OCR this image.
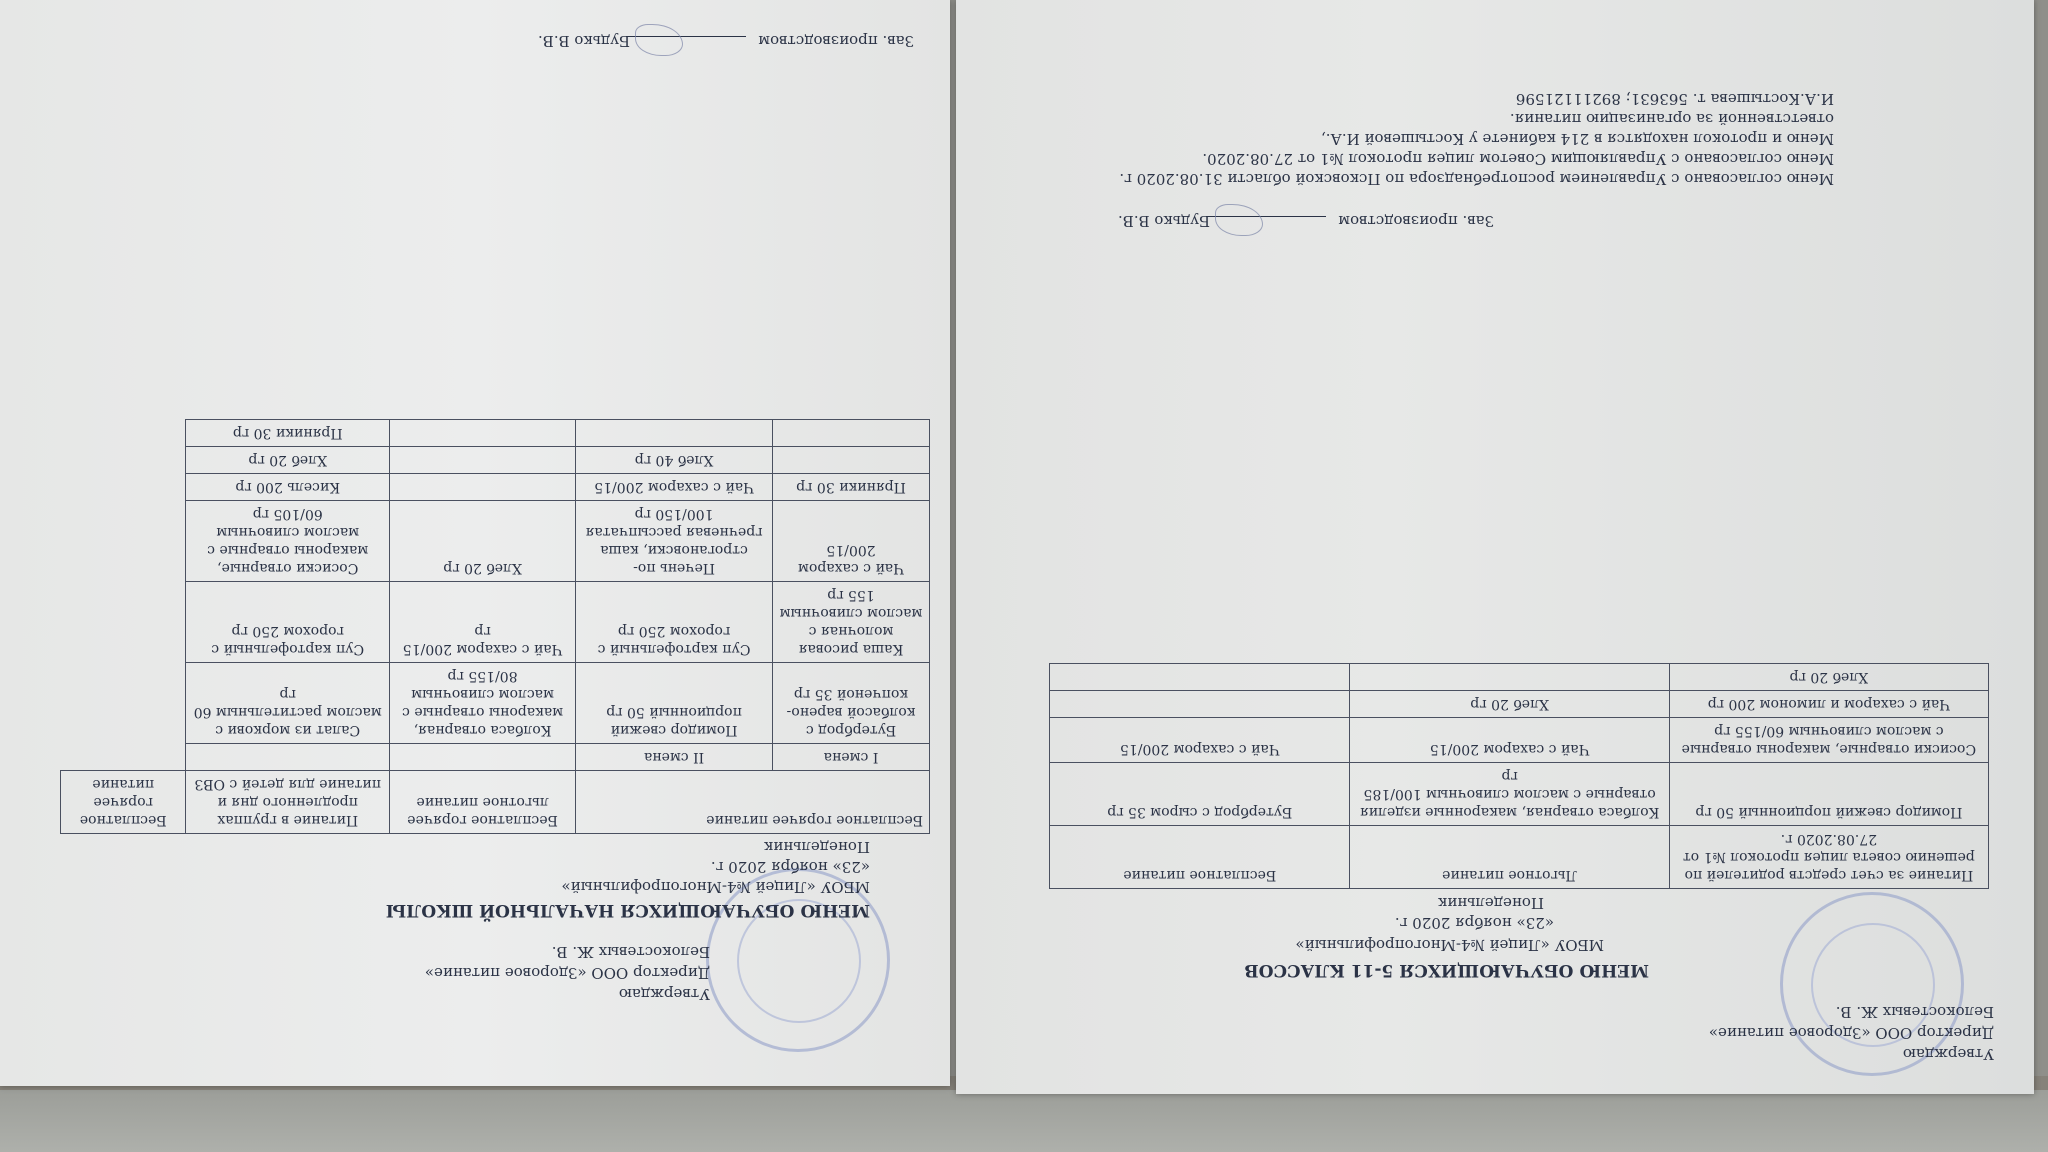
Утверждаю
Директор ООО «Здоровое питание»
Белокостевых Ж. В.
МЕНЮ ОБУЧАЮЩИХСЯ 5-11 КЛАССОВ
МБОУ «Лицей №4-Многопрофильный»
«23» ноября 2020 г.
Понедельник
Питание за счет средств родителей по решению совета лицея протокол №1 от 27.08.2020 г.	Льготное питание	Бесплатное питание
Помидор свежий порционный 50 гр	Колбаса отварная, макаронные изделия отварные с маслом сливочным 100/185 гр	Бутерброд с сыром 35 гр
Сосиски отварные, макароны отварные с маслом сливочным 60/155 гр	Чай с сахаром 200/15	Чай с сахаром 200/15
Чай с сахаром и лимоном 200 гр	Хлеб 20 гр	
Хлеб 20 гр		
Зав. производством   Будько В.В.
Меню согласовано с Управлением роспотребнадзора по Псковской области 31.08.2020 г.
Меню согласовано с Управляющим Советом лицея протокол №1 от 27.08.2020.
Меню и протокол находятся в 214 кабинете у Костышевой И.А.,
ответственной за организацию питания.
И.А.Костышева т. 563631; 89211121596
Утверждаю
Директор ООО «Здоровое питание»
Белокостевых Ж. В.
МЕНЮ ОБУЧАЮЩИХСЯ НАЧАЛЬНОЙ ШКОЛЫ
МБОУ «Лицей №4-Многопрофильный»
«23» ноября 2020 г.
Понедельник
Бесплатное горячее питание		Бесплатное горячее льготное питание	Питание в группах продленного дня и питание для детей с ОВЗ	Бесплатное горячее питание
I смена	II смена			
Бутерброд с колбасой варено-копченой 35 гр	Помидор свежий порционный 50 гр	Колбаса отварная, макароны отварные с маслом сливочным 80/155 гр	Салат из моркови с маслом растительным 60 гр	
Каша рисовая молочная с маслом сливочным 155 гр	Суп картофельный с горохом 250 гр	Чай с сахаром 200/15 гр	Суп картофельный с горохом 250 гр	
Чай с сахаром 200/15	Печень по-строгановски, каша гречневая рассыпчатая 100/150 гр	Хлеб 20 гр	Сосиски отварные, макароны отварные с маслом сливочным 60/105 гр	
Пряники 30 гр	Чай с сахаром 200/15		Кисель 200 гр	
	Хлеб 40 гр		Хлеб 20 гр	
			Пряники 30 гр	
Зав. производством   Будько В.В.
